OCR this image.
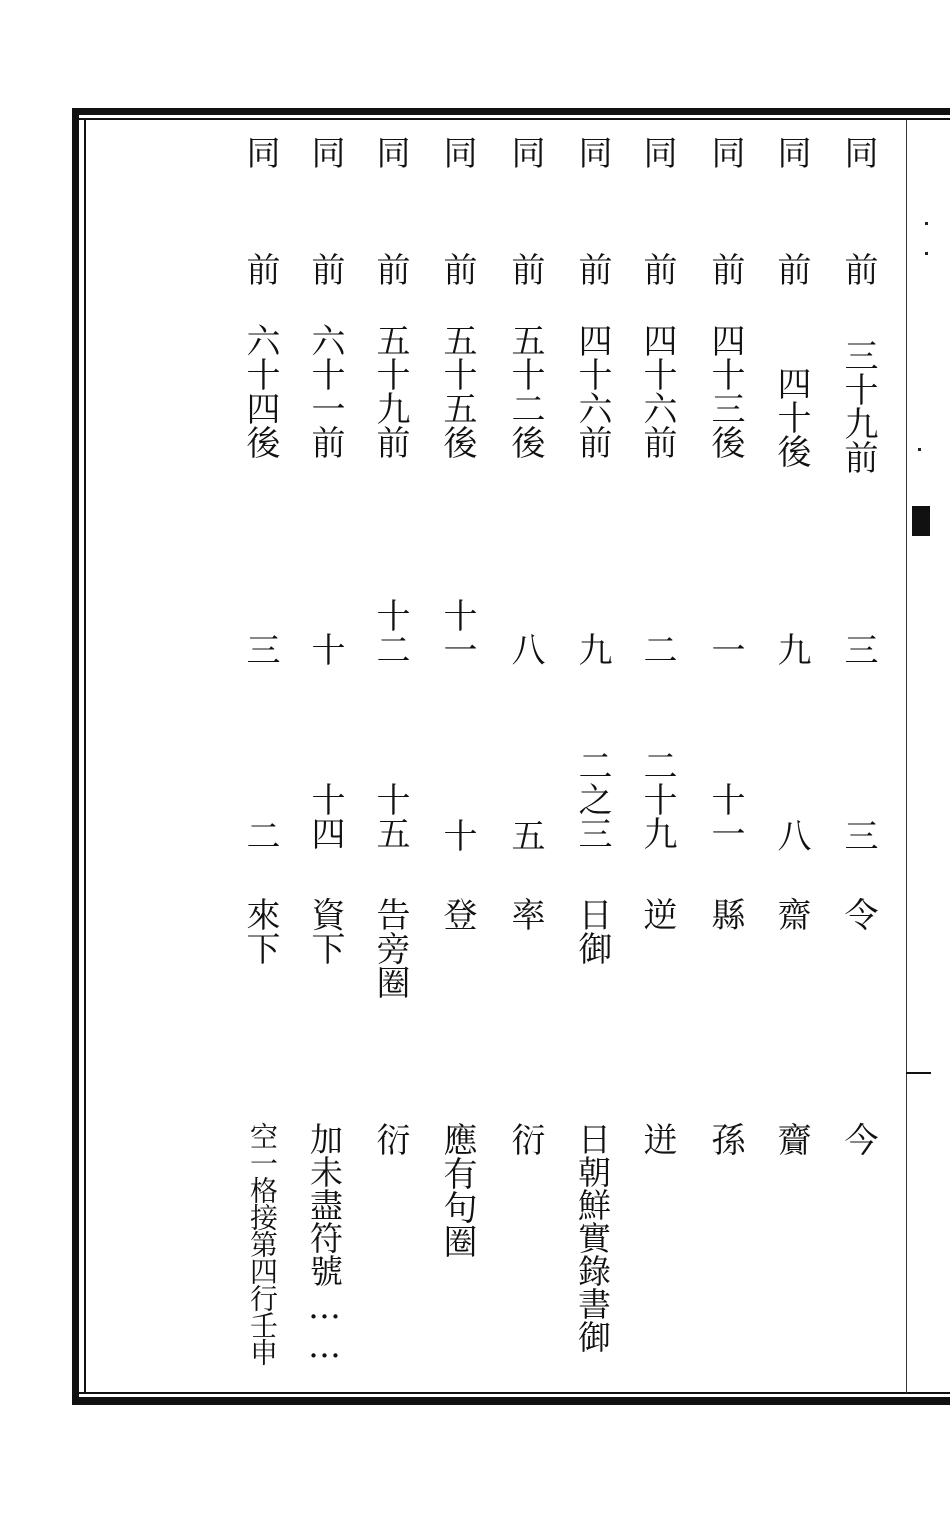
同
前
三十九前
三
三
令
今
同
前
四十後
九
八
齋
齎
同
前
四十三後
一
十一
縣
孫
同
前
四十六前
二
二十九
逆
迸
同
前
四十六前
九
二之三
日御
日朝鮮實錄書御
同
前
五十二後
八
五
率
衍
同
前
五十五後
十一
十
登
應有句圈
同
前
五十九前
十二
十五
告旁圈
衍
同
前
六十一前
十
十四
資下
加未盡符號……
同
前
六十四後
三
二
來下
空一格接第四行壬申
